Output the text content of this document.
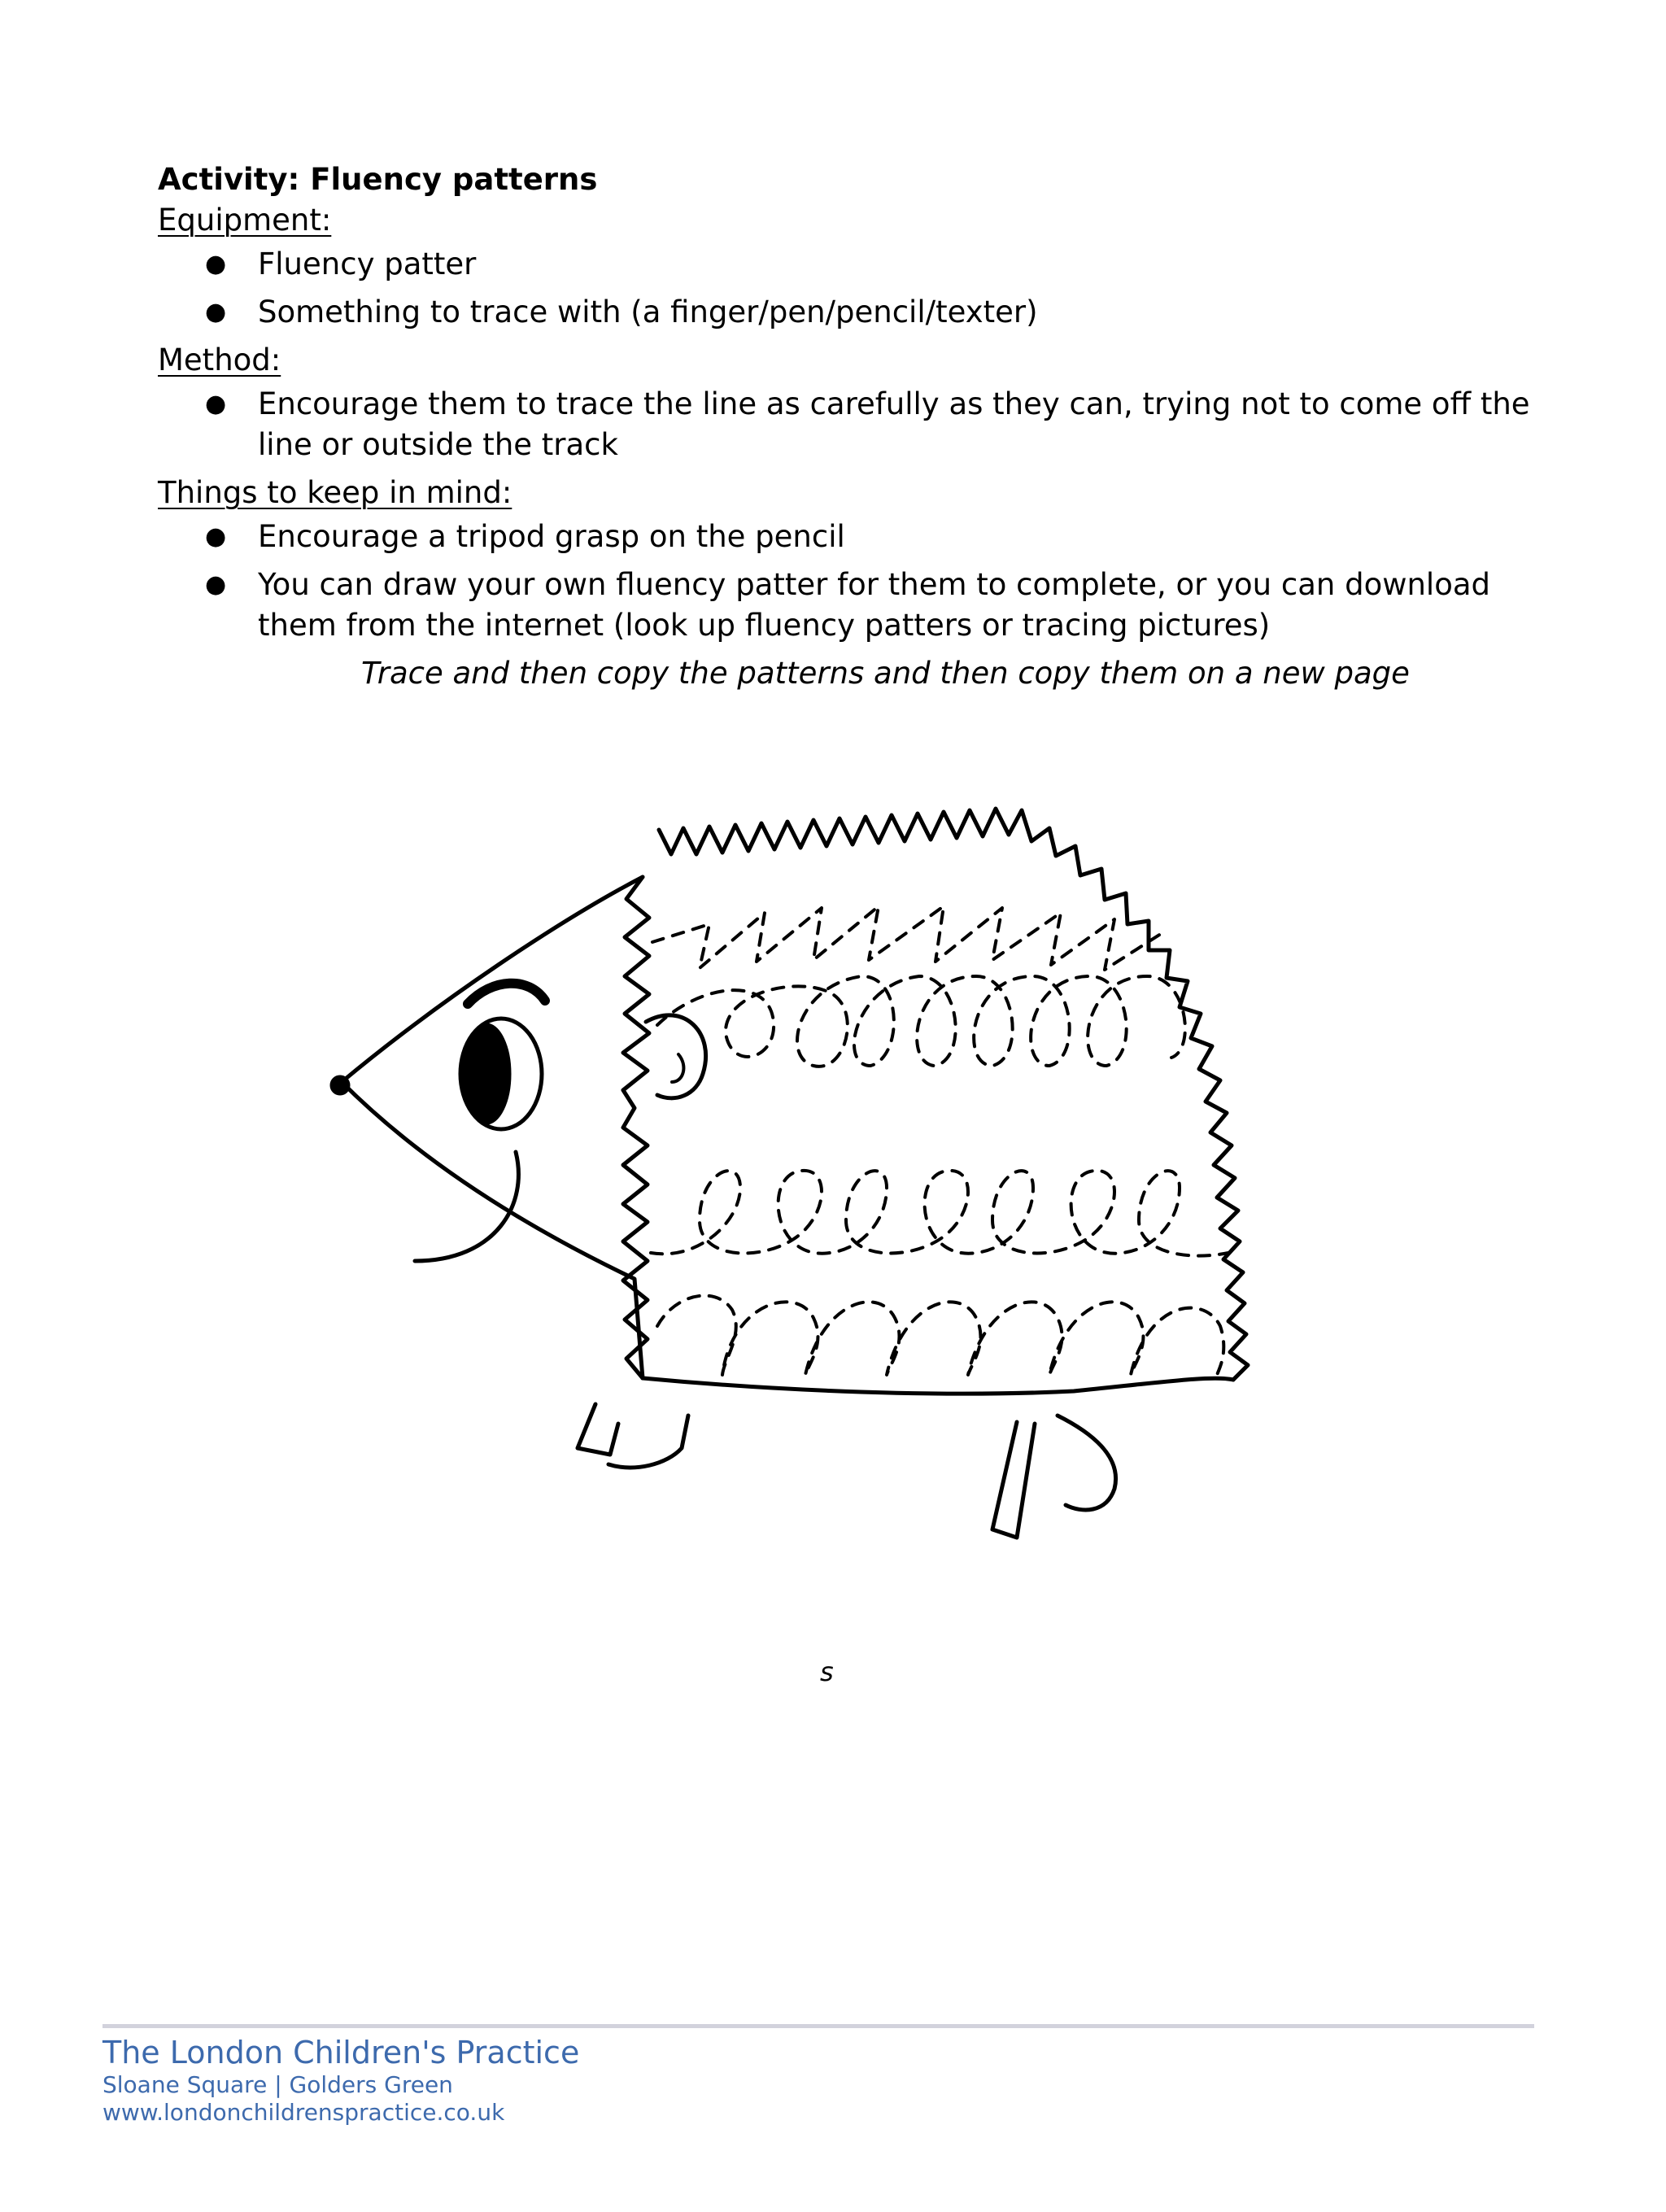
Activity: Fluency patterns

Equipment:

● Fluency patter
● Something to trace with (a finger/pen/pencil/texter)

Method:

● Encourage them to trace the line as carefully as they can, trying not to come off the line or outside the track

Things to keep in mind:

● Encourage a tripod grasp on the pencil
● You can draw your own fluency patter for them to complete, or you can download them from the internet (look up fluency patters or tracing pictures)

Trace and then copy the patterns and then copy them on a new page

s
The London Children's Practice
Sloane Square | Golders Green
www.londonchildrenspractice.co.uk
